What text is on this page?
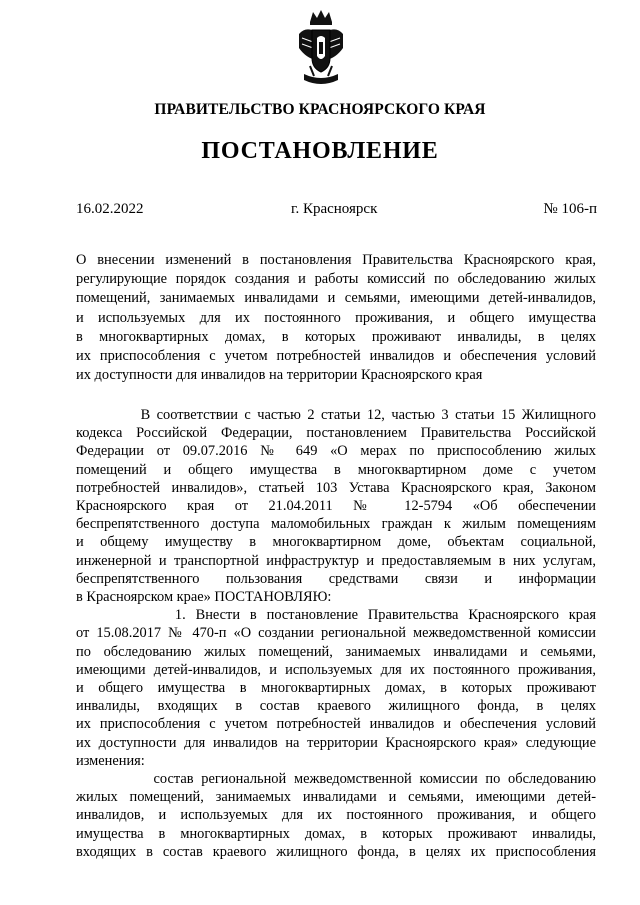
ПРАВИТЕЛЬСТВО КРАСНОЯРСКОГО КРАЯ
ПОСТАНОВЛЕНИЕ
16.02.2022	г. Красноярск	№ 106-п
О внесении изменений в постановления Правительства Красноярского края,
регулирующие порядок создания и работы комиссий по обследованию жилых
помещений, занимаемых инвалидами и семьями, имеющими детей-инвалидов,
и используемых для их постоянного проживания, и общего имущества
в многоквартирных домах, в которых проживают инвалиды, в целях
их приспособления с учетом потребностей инвалидов и обеспечения условий
их доступности для инвалидов на территории Красноярского края
В соответствии с частью 2 статьи 12, частью 3 статьи 15 Жилищного
кодекса Российской Федерации, постановлением Правительства Российской
Федерации от 09.07.2016 № 649 «О мерах по приспособлению жилых
помещений и общего имущества в многоквартирном доме с учетом
потребностей инвалидов», статьей 103 Устава Красноярского края, Законом
Красноярского края от 21.04.2011 № 12-5794 «Об обеспечении
беспрепятственного доступа маломобильных граждан к жилым помещениям
и общему имуществу в многоквартирном доме, объектам социальной,
инженерной и транспортной инфраструктур и предоставляемым в них услугам,
беспрепятственного пользования средствами связи и информации
в Красноярском крае» ПОСТАНОВЛЯЮ:
1. Внести в постановление Правительства Красноярского края
от 15.08.2017 № 470-п «О создании региональной межведомственной комиссии
по обследованию жилых помещений, занимаемых инвалидами и семьями,
имеющими детей-инвалидов, и используемых для их постоянного проживания,
и общего имущества в многоквартирных домах, в которых проживают
инвалиды, входящих в состав краевого жилищного фонда, в целях
их приспособления с учетом потребностей инвалидов и обеспечения условий
их доступности для инвалидов на территории Красноярского края» следующие
изменения:
состав региональной межведомственной комиссии по обследованию
жилых помещений, занимаемых инвалидами и семьями, имеющими детей-
инвалидов, и используемых для их постоянного проживания, и общего
имущества в многоквартирных домах, в которых проживают инвалиды,
входящих в состав краевого жилищного фонда, в целях их приспособления
